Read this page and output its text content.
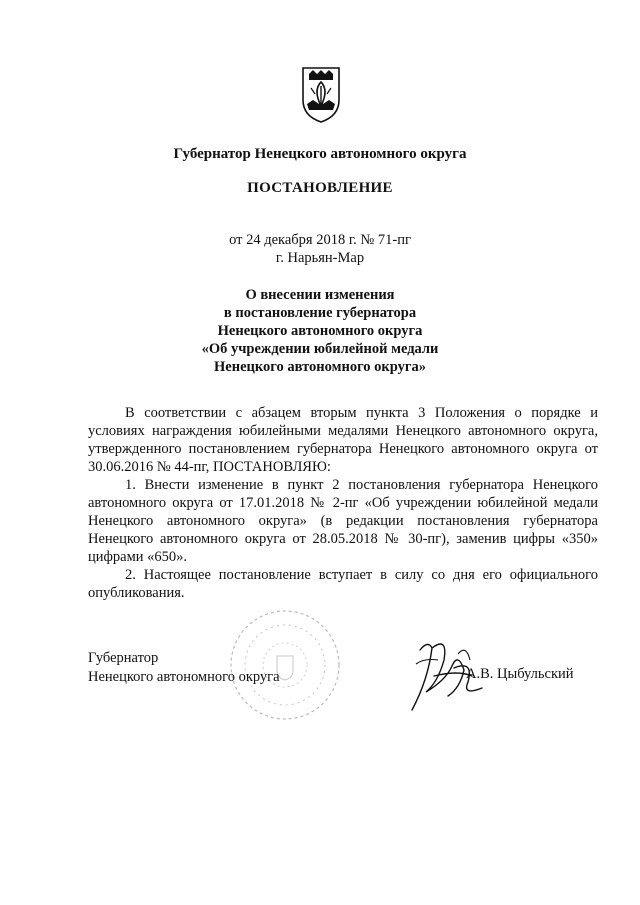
Губернатор Ненецкого автономного округа
ПОСТАНОВЛЕНИЕ
от 24 декабря 2018 г. № 71-пг
г. Нарьян-Мар
О внесении изменения
в постановление губернатора
Ненецкого автономного округа
«Об учреждении юбилейной медали
Ненецкого автономного округа»

В соответствии с абзацем вторым пункта 3 Положения о порядке и условиях награждения юбилейными медалями Ненецкого автономного округа, утвержденного постановлением губернатора Ненецкого автономного округа от 30.06.2016 № 44-пг, ПОСТАНОВЛЯЮ:

1. Внести изменение в пункт 2 постановления губернатора Ненецкого автономного округа от 17.01.2018 № 2-пг «Об учреждении юбилейной медали Ненецкого автономного округа» (в редакции постановления губернатора Ненецкого автономного округа от 28.05.2018 № 30-пг), заменив цифры «350» цифрами «650».

2. Настоящее постановление вступает в силу со дня его официального опубликования.

Губернатор
Ненецкого автономного округа	А.В. Цыбульский
